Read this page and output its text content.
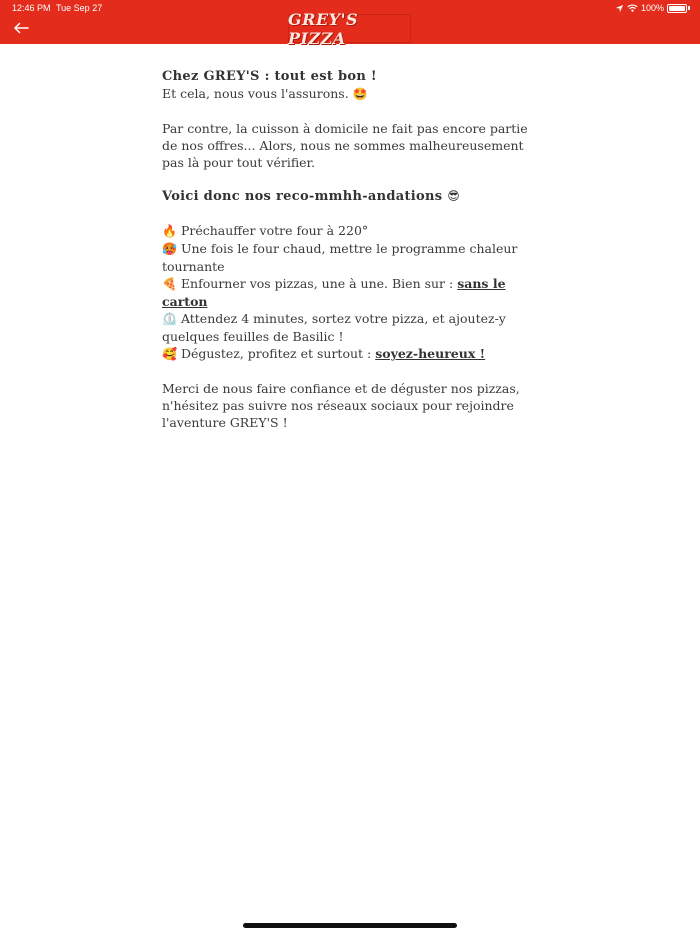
12:46 PM Tue Sep 27	100%
GREY'S PIZZA

Chez GREY'S : tout est bon !

Et cela, nous vous l'assurons. 🤩

Par contre, la cuisson à domicile ne fait pas encore partie de nos offres... Alors, nous ne sommes malheureusement pas là pour tout vérifier.

Voici donc nos reco-mmhh-andations 😎

🔥 Préchauffer votre four à 220°

🥵 Une fois le four chaud, mettre le programme chaleur tournante

🍕 Enfourner vos pizzas, une à une. Bien sur : sans le carton

⏲️ Attendez 4 minutes, sortez votre pizza, et ajoutez-y quelques feuilles de Basilic !

🥰 Dégustez, profitez et surtout : soyez-heureux !

Merci de nous faire confiance et de déguster nos pizzas, n'hésitez pas suivre nos réseaux sociaux pour rejoindre l'aventure GREY'S !
